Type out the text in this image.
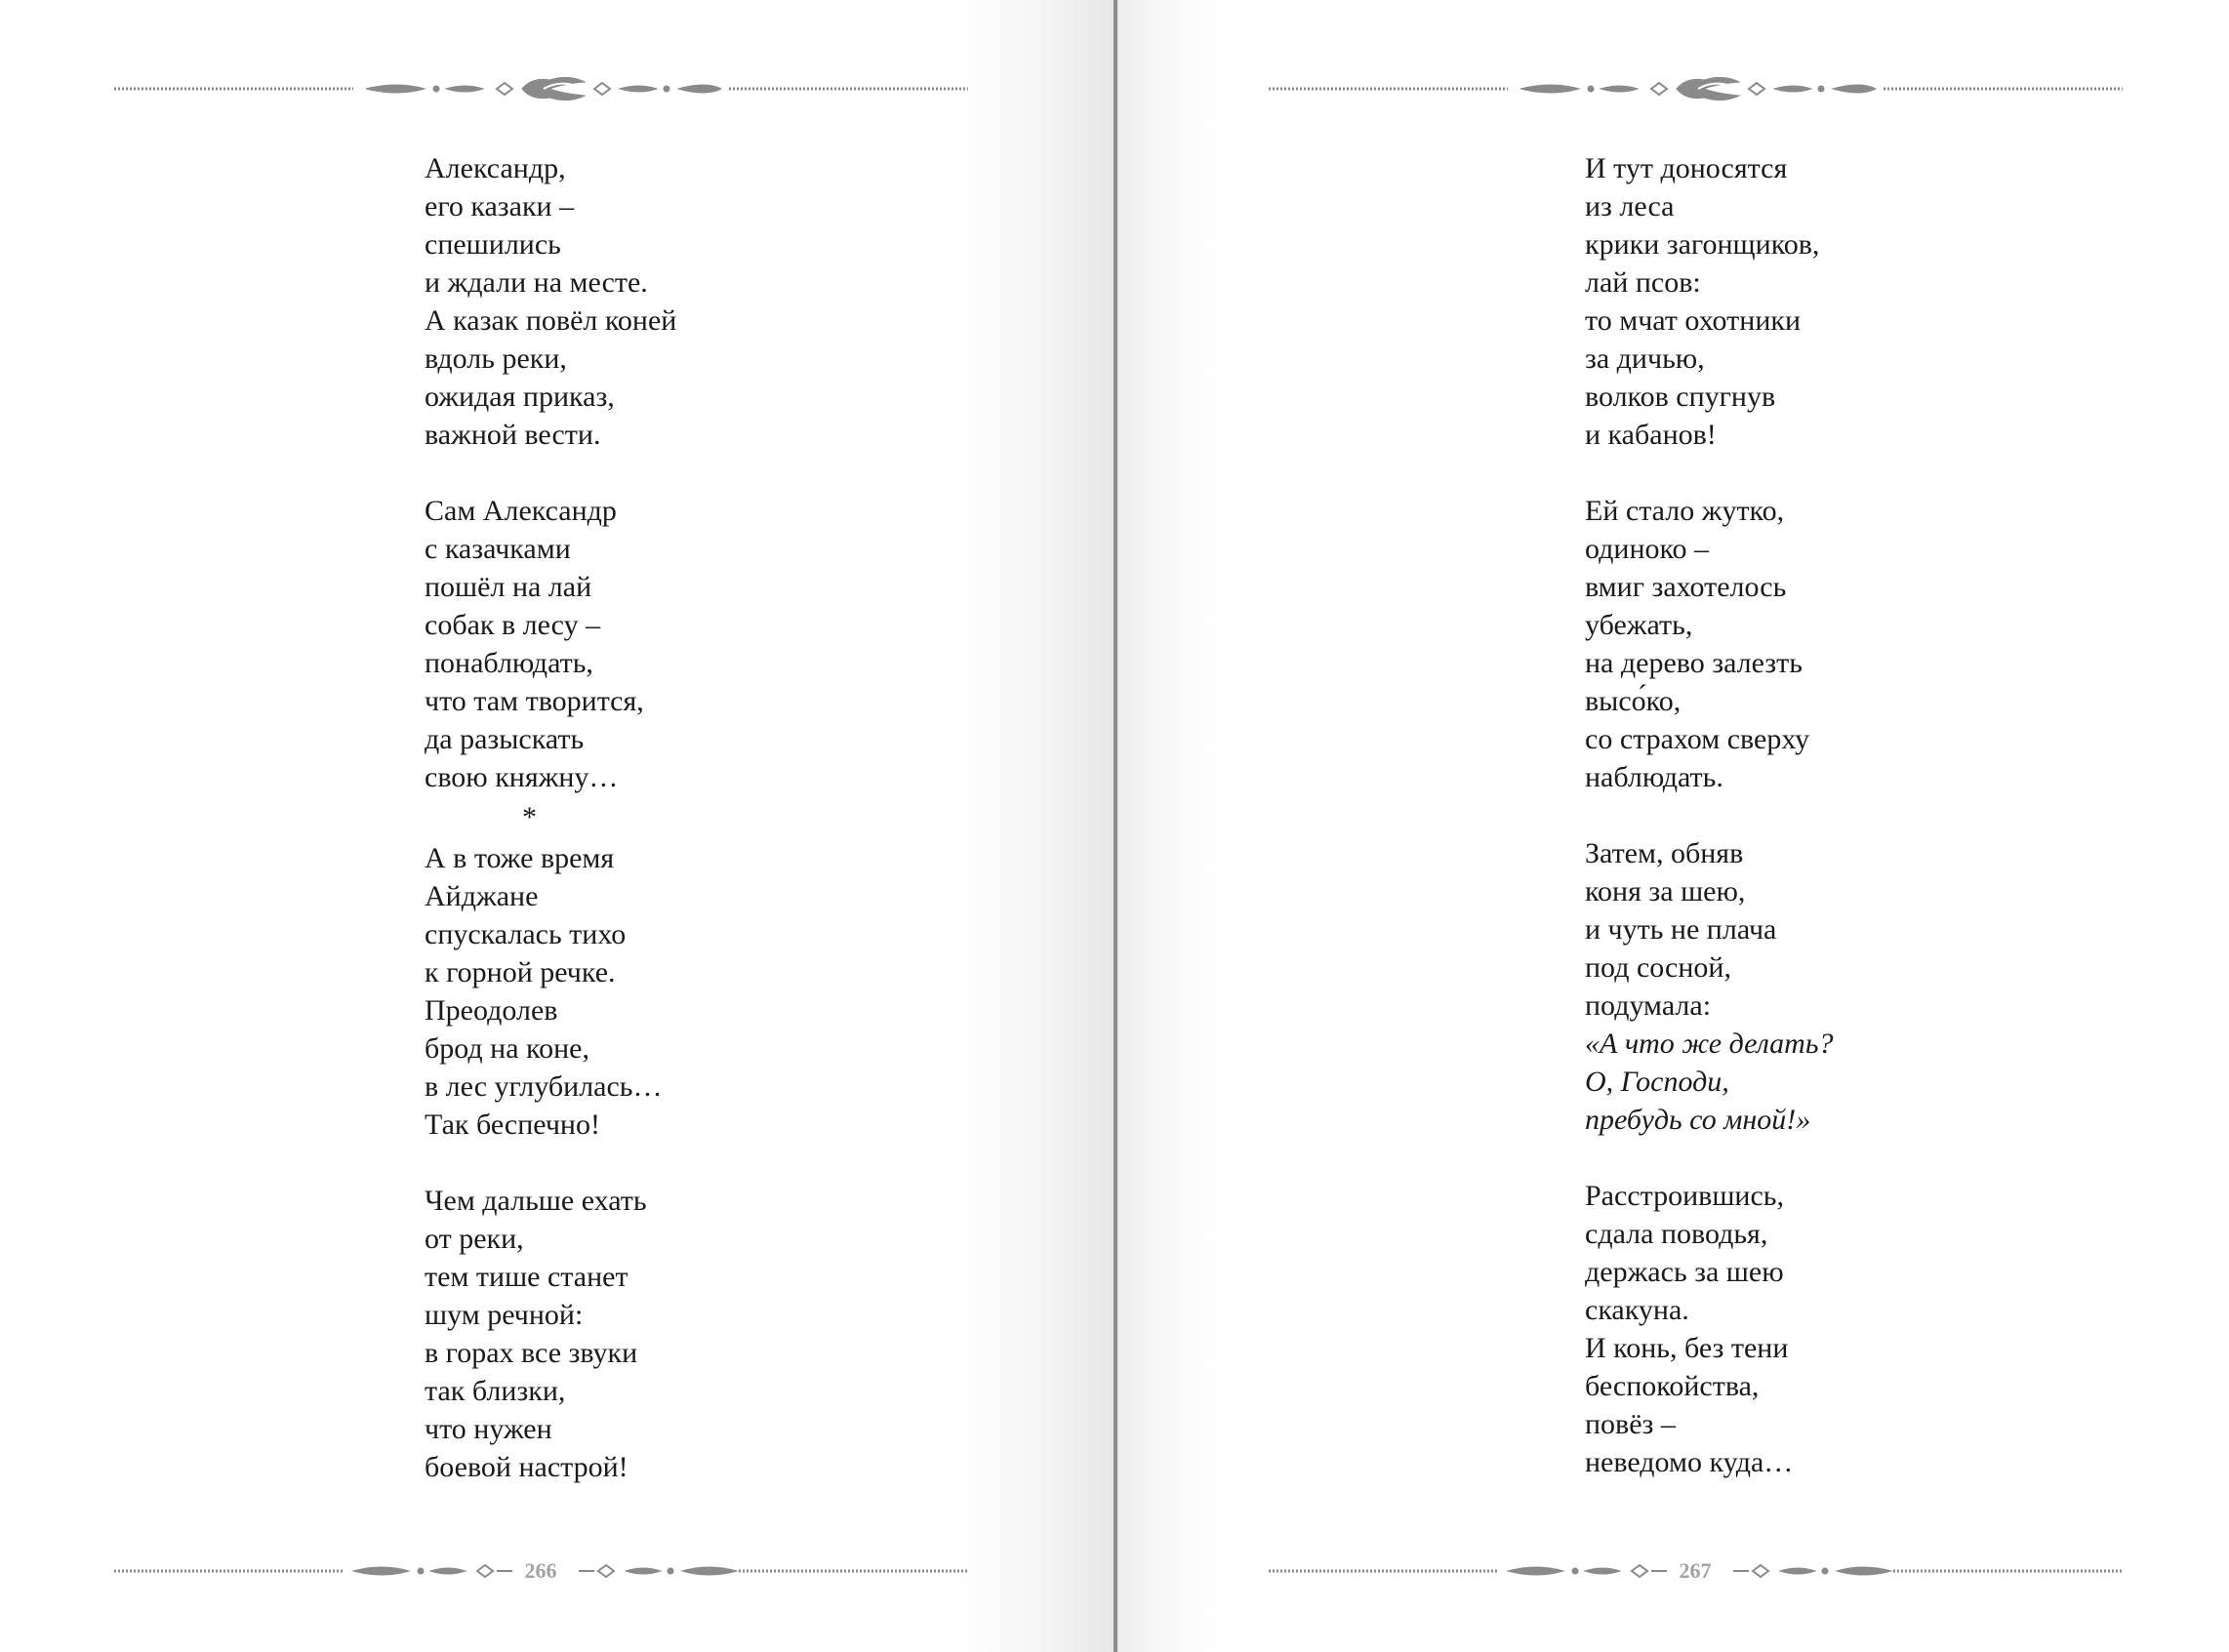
Александр,
его казаки –
спешились
и ждали на месте.
А казак повёл коней
вдоль реки,
ожидая приказ,
важной вести.
Сам Александр
с казачками
пошёл на лай
собак в лесу –
понаблюдать,
что там творится,
да разыскать
свою княжну…
*
А в тоже время
Айджане
спускалась тихо
к горной речке.
Преодолев
брод на коне,
в лес углубилась…
Так беспечно!
Чем дальше ехать
от реки,
тем тише станет
шум речной:
в горах все звуки
так близки,
что нужен
боевой настрой!
266
И тут доносятся
из леса
крики загонщиков,
лай псов:
то мчат охотники
за дичью,
волков спугнув
и кабанов!
Ей стало жутко,
одиноко –
вмиг захотелось
убежать,
на дерево залезть
высо́ко,
со страхом сверху
наблюдать.
Затем, обняв
коня за шею,
и чуть не плача
под сосной,
подумала:
«А что же делать?
О, Господи,
пребудь со мной!»
Расстроившись,
сдала поводья,
держась за шею
скакуна.
И конь, без тени
беспокойства,
повёз –
неведомо куда…
267
